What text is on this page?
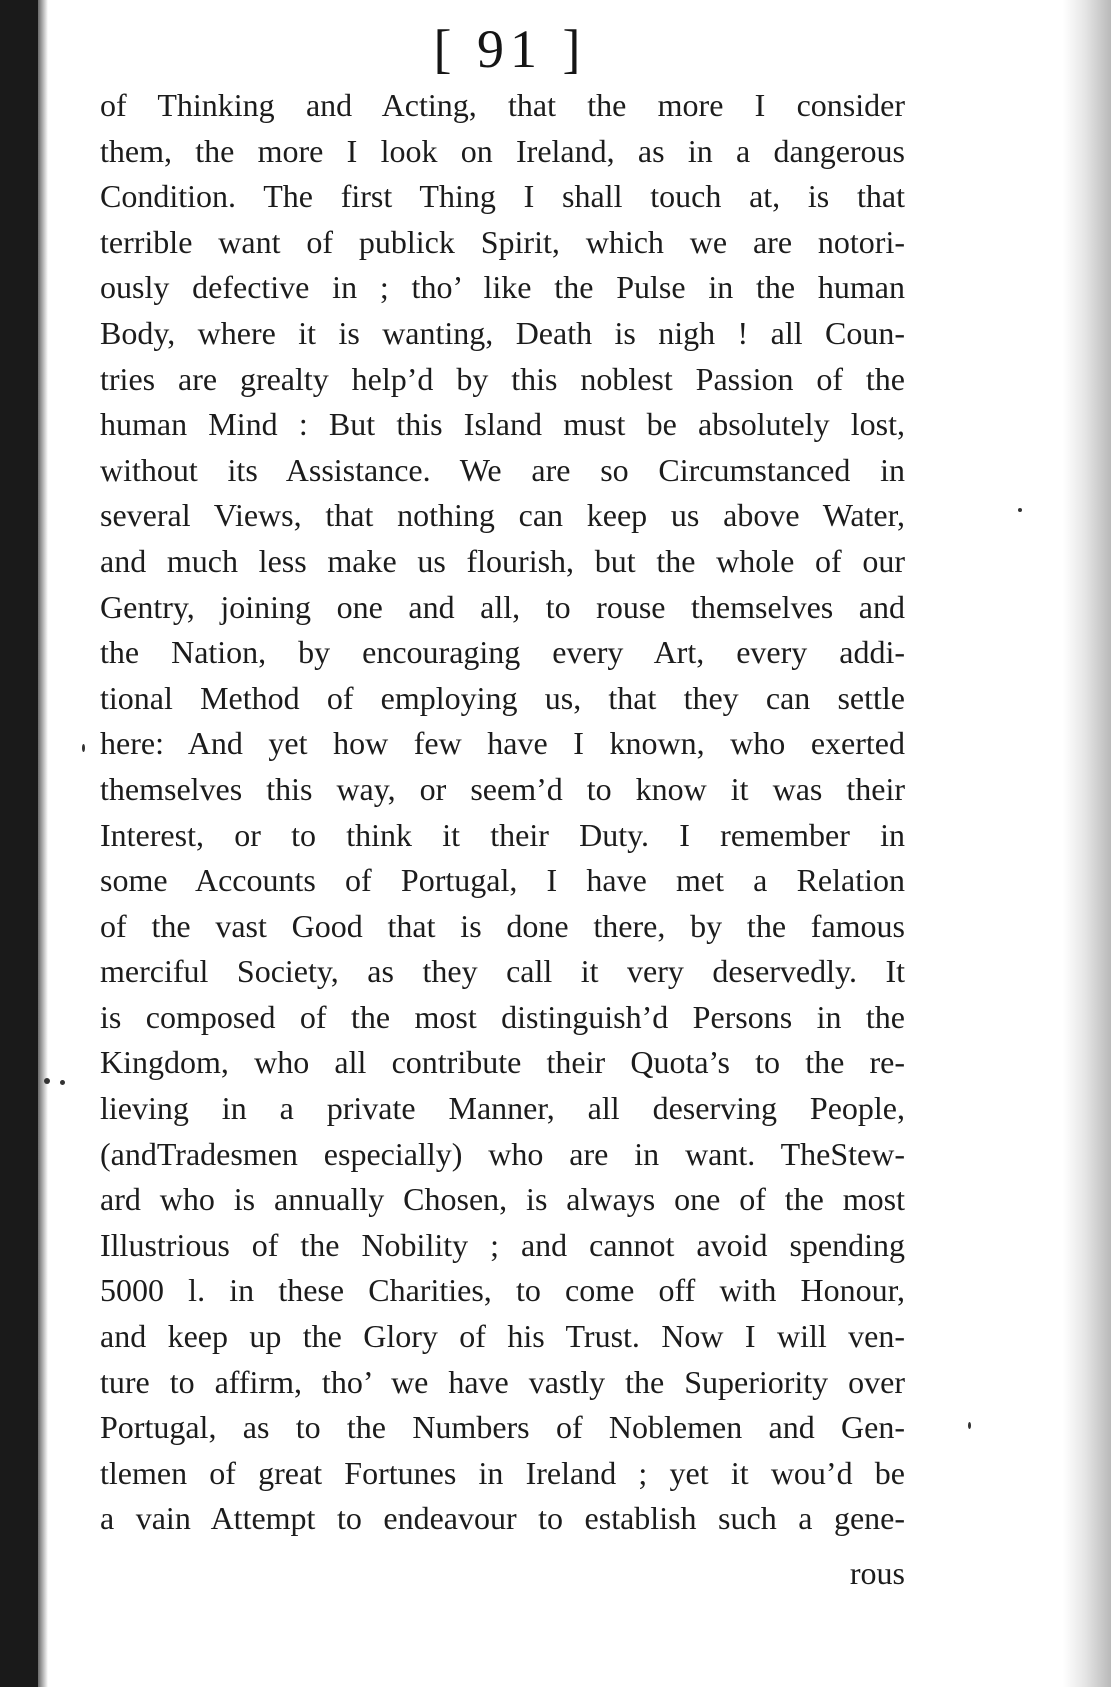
[ 91 ]
of Thinking and Acting, that the more I consider
them, the more I look on Ireland, as in a dangerous
Condition. The first Thing I shall touch at, is that
terrible want of publick Spirit, which we are notori-
ously defective in ; tho’ like the Pulse in the human
Body, where it is wanting, Death is nigh ! all Coun-
tries are grealty help’d by this noblest Passion of the
human Mind : But this Island must be absolutely lost,
without its Assistance. We are so Circumstanced in
several Views, that nothing can keep us above Water,
and much less make us flourish, but the whole of our
Gentry, joining one and all, to rouse themselves and
the Nation, by encouraging every Art, every addi-
tional Method of employing us, that they can settle
here: And yet how few have I known, who exerted
themselves this way, or seem’d to know it was their
Interest, or to think it their Duty. I remember in
some Accounts of Portugal, I have met a Relation
of the vast Good that is done there, by the famous
merciful Society, as they call it very deservedly. It
is composed of the most distinguish’d Persons in the
Kingdom, who all contribute their Quota’s to the re-
lieving in a private Manner, all deserving People,
(andTradesmen especially) who are in want. TheStew-
ard who is annually Chosen, is always one of the most
Illustrious of the Nobility ; and cannot avoid spending
5000 l. in these Charities, to come off with Honour,
and keep up the Glory of his Trust. Now I will ven-
ture to affirm, tho’ we have vastly the Superiority over
Portugal, as to the Numbers of Noblemen and Gen-
tlemen of great Fortunes in Ireland ; yet it wou’d be
a vain Attempt to endeavour to establish such a gene-
rous
